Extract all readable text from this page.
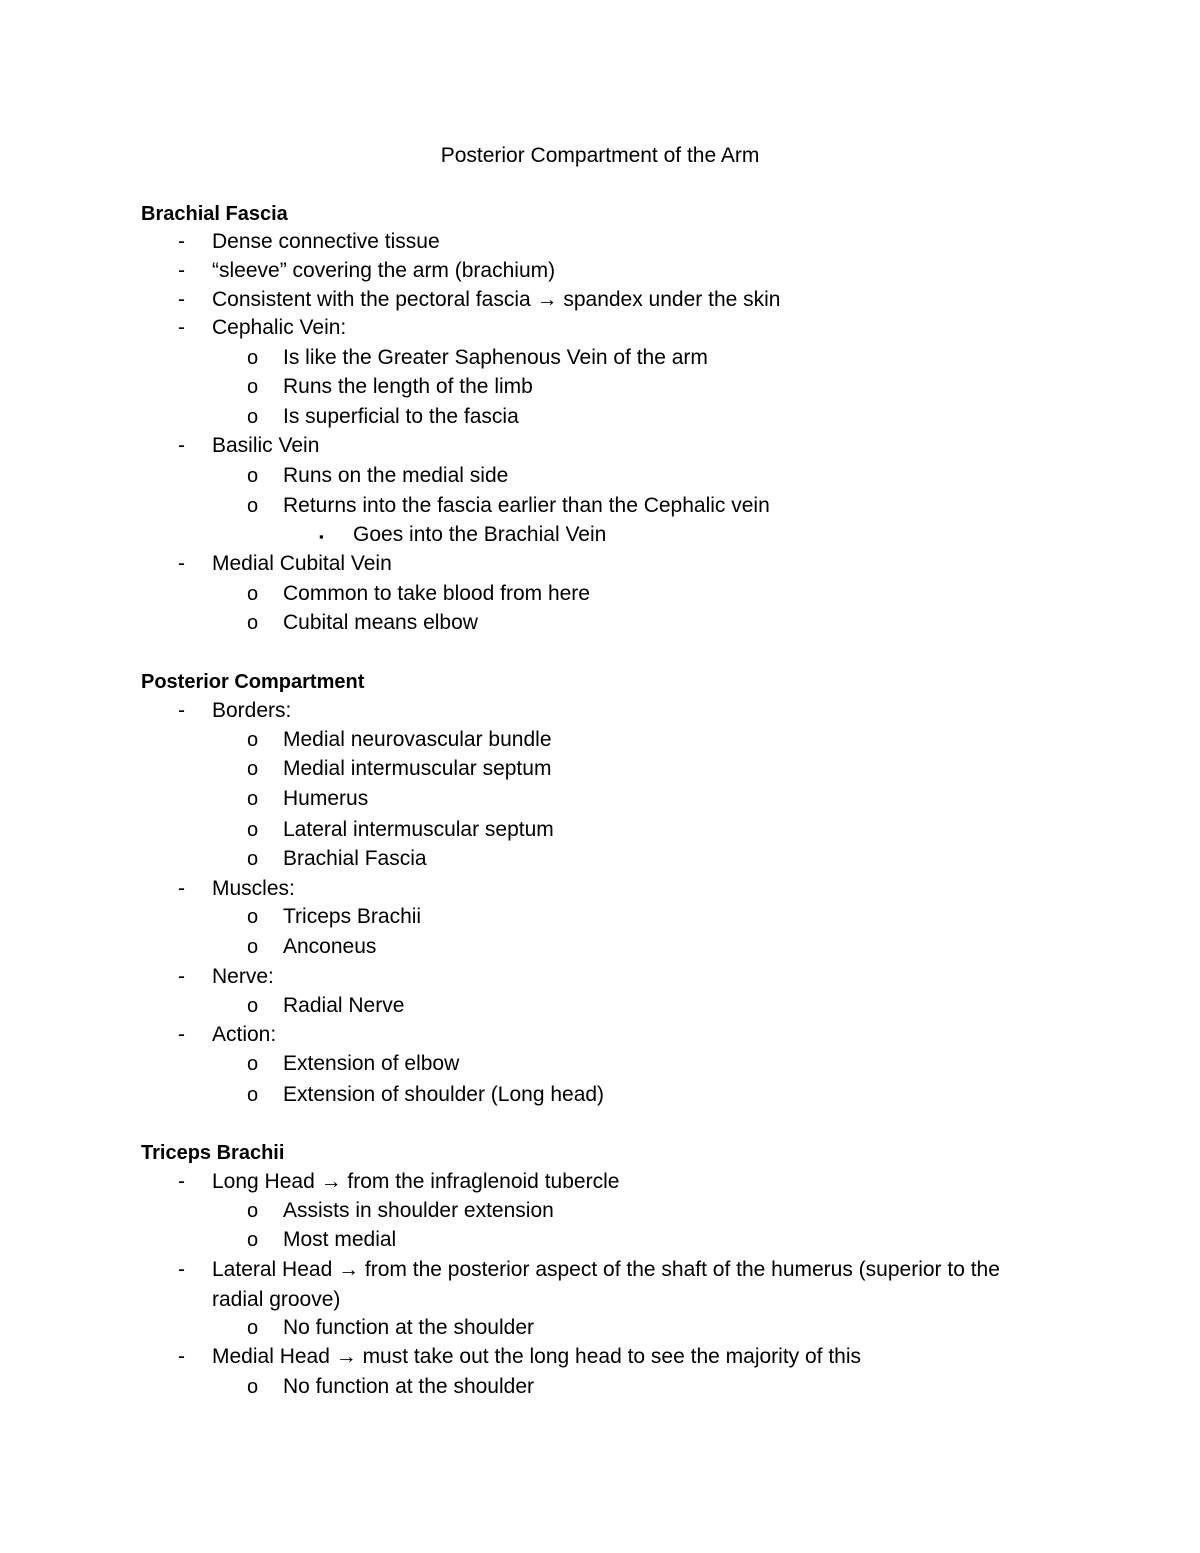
Posterior Compartment of the Arm
Brachial Fascia
- Dense connective tissue
- “sleeve” covering the arm (brachium)
- Consistent with the pectoral fascia → spandex under the skin
- Cephalic Vein:
o Is like the Greater Saphenous Vein of the arm
o Runs the length of the limb
o Is superficial to the fascia
- Basilic Vein
o Runs on the medial side
o Returns into the fascia earlier than the Cephalic vein
▪ Goes into the Brachial Vein
- Medial Cubital Vein
o Common to take blood from here
o Cubital means elbow
Posterior Compartment
- Borders:
o Medial neurovascular bundle
o Medial intermuscular septum
o Humerus
o Lateral intermuscular septum
o Brachial Fascia
- Muscles:
o Triceps Brachii
o Anconeus
- Nerve:
o Radial Nerve
- Action:
o Extension of elbow
o Extension of shoulder (Long head)
Triceps Brachii
- Long Head → from the infraglenoid tubercle
o Assists in shoulder extension
o Most medial
- Lateral Head → from the posterior aspect of the shaft of the humerus (superior to the radial groove)
o No function at the shoulder
- Medial Head → must take out the long head to see the majority of this
o No function at the shoulder
